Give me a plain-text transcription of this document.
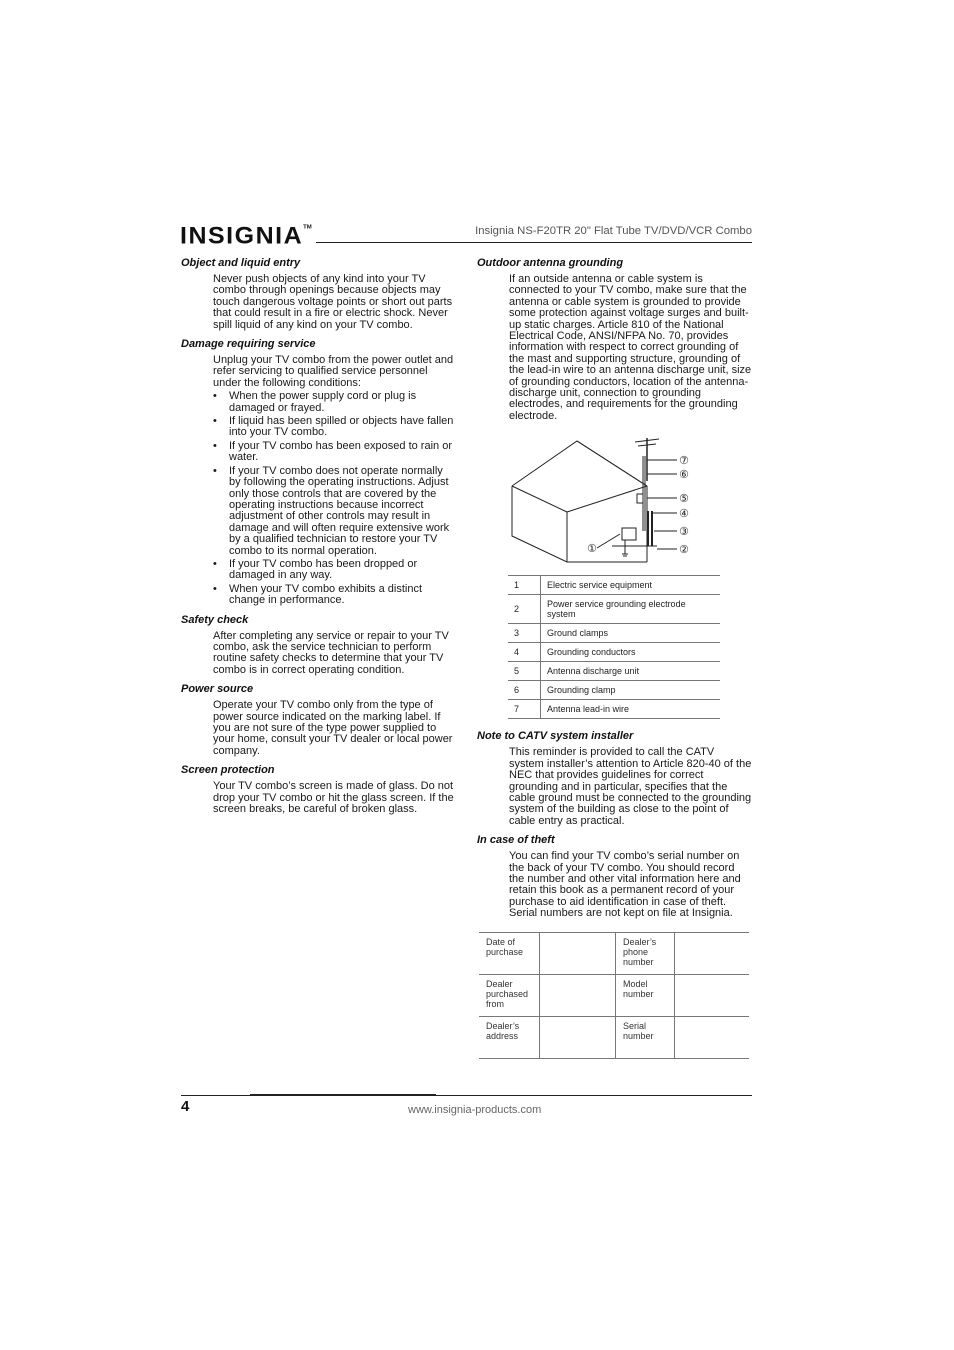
INSIGNIA™	Insignia NS-F20TR 20" Flat Tube TV/DVD/VCR Combo
Object and liquid entry

Never push objects of any kind into your TV combo through openings because objects may touch dangerous voltage points or short out parts that could result in a fire or electric shock. Never spill liquid of any kind on your TV combo.

Damage requiring service

Unplug your TV combo from the power outlet and refer servicing to qualified service personnel under the following conditions:

• When the power supply cord or plug is damaged or frayed.
• If liquid has been spilled or objects have fallen into your TV combo.
• If your TV combo has been exposed to rain or water.
• If your TV combo does not operate normally by following the operating instructions. Adjust only those controls that are covered by the operating instructions because incorrect adjustment of other controls may result in damage and will often require extensive work by a qualified technician to restore your TV combo to its normal operation.
• If your TV combo has been dropped or damaged in any way.
• When your TV combo exhibits a distinct change in performance.
Safety check

After completing any service or repair to your TV combo, ask the service technician to perform routine safety checks to determine that your TV combo is in correct operating condition.

Power source

Operate your TV combo only from the type of power source indicated on the marking label. If you are not sure of the type power supplied to your home, consult your TV dealer or local power company.

Screen protection

Your TV combo’s screen is made of glass. Do not drop your TV combo or hit the glass screen. If the screen breaks, be careful of broken glass.

Outdoor antenna grounding

If an outside antenna or cable system is connected to your TV combo, make sure that the antenna or cable system is grounded to provide some protection against voltage surges and built-up static charges. Article 810 of the National Electrical Code, ANSI/NFPA No. 70, provides information with respect to correct grounding of the mast and supporting structure, grounding of the lead-in wire to an antenna discharge unit, size of grounding conductors, location of the antenna-discharge unit, connection to grounding electrodes, and requirements for the grounding electrode.

⑦
⑥
⑤
④
③
②
①
1	Electric service equipment
2	Power service grounding electrode system
3	Ground clamps
4	Grounding conductors
5	Antenna discharge unit
6	Grounding clamp
7	Antenna lead-in wire
Note to CATV system installer

This reminder is provided to call the CATV system installer’s attention to Article 820-40 of the NEC that provides guidelines for correct grounding and in particular, specifies that the cable ground must be connected to the grounding system of the building as close to the point of cable entry as practical.

In case of theft

You can find your TV combo’s serial number on the back of your TV combo. You should record the number and other vital information here and retain this book as a permanent record of your purchase to aid identification in case of theft. Serial numbers are not kept on file at Insignia.

Date of purchase		Dealer’s phone number	
Dealer purchased from		Model number	
Dealer’s address		Serial number	
4	www.insignia-products.com
